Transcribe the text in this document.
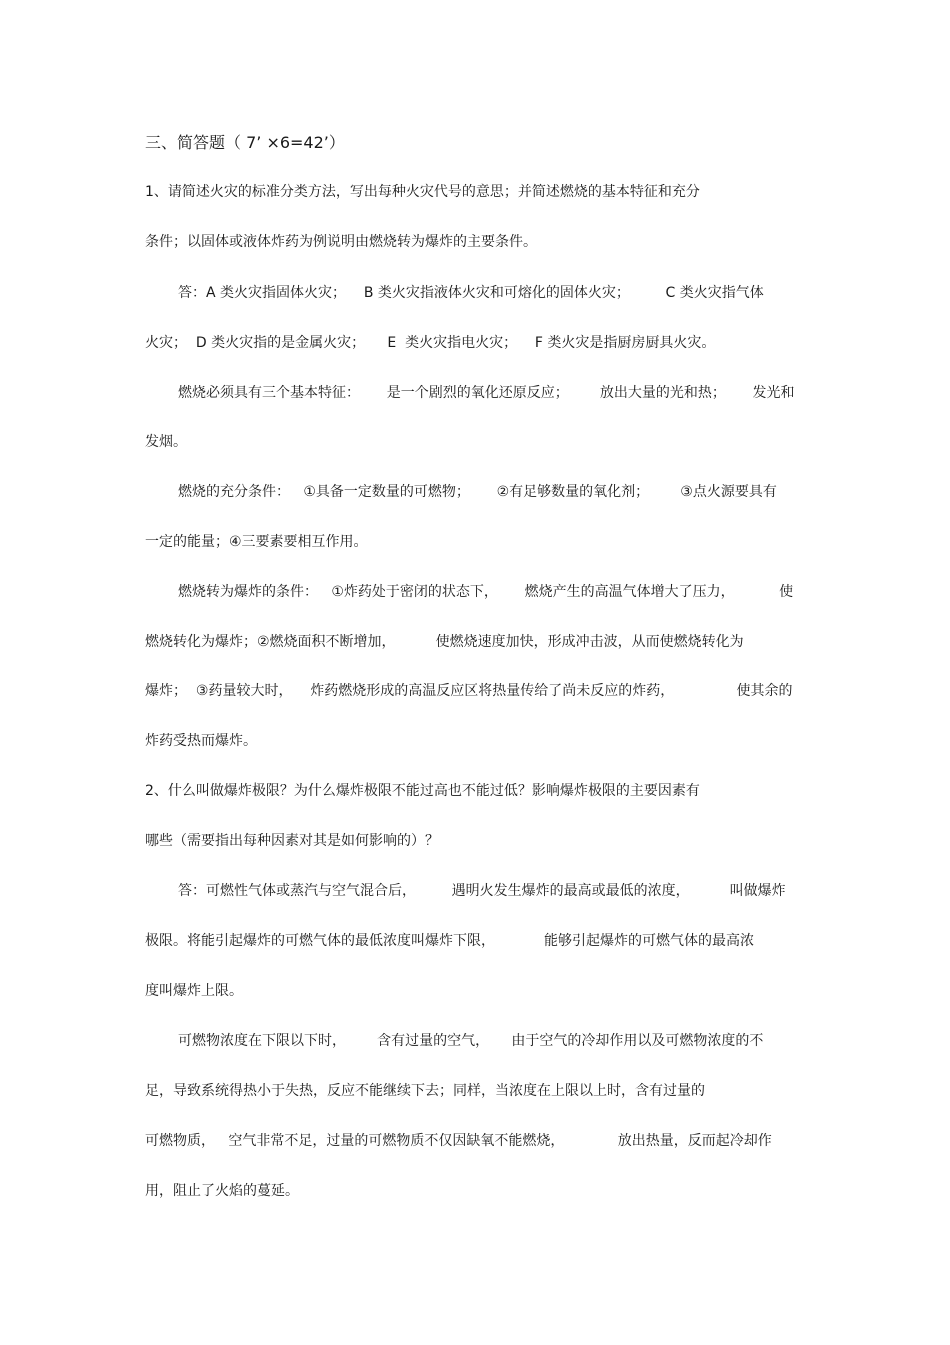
三、简答题（ 7’ ×6=42’）

1、请简述火灾的标准分类方法，写出每种火灾代号的意思；并简述燃烧的基本特征和充分

条件；以固体或液体炸药为例说明由燃烧转为爆炸的主要条件。

答：A 类火灾指固体火灾；    B 类火灾指液体火灾和可熔化的固体火灾；        C 类火灾指气体

火灾；  D 类火灾指的是金属火灾；     E  类火灾指电火灾；    F 类火灾是指厨房厨具火灾。

燃烧必须具有三个基本特征：      是一个剧烈的氧化还原反应；       放出大量的光和热；      发光和

发烟。

燃烧的充分条件：   ①具备一定数量的可燃物；      ②有足够数量的氧化剂；       ③点火源要具有

一定的能量；④三要素要相互作用。

燃烧转为爆炸的条件：   ①炸药处于密闭的状态下，      燃烧产生的高温气体增大了压力，          使

燃烧转化为爆炸；②燃烧面积不断增加，         使燃烧速度加快，形成冲击波，从而使燃烧转化为

爆炸；  ③药量较大时，    炸药燃烧形成的高温反应区将热量传给了尚未反应的炸药，              使其余的

炸药受热而爆炸。

2、什么叫做爆炸极限？为什么爆炸极限不能过高也不能过低？影响爆炸极限的主要因素有

哪些（需要指出每种因素对其是如何影响的）？

答：可燃性气体或蒸汽与空气混合后，        遇明火发生爆炸的最高或最低的浓度，         叫做爆炸

极限。将能引起爆炸的可燃气体的最低浓度叫爆炸下限，           能够引起爆炸的可燃气体的最高浓

度叫爆炸上限。

可燃物浓度在下限以下时，       含有过量的空气，     由于空气的冷却作用以及可燃物浓度的不

足，导致系统得热小于失热，反应不能继续下去；同样，当浓度在上限以上时，含有过量的

可燃物质，   空气非常不足，过量的可燃物质不仅因缺氧不能燃烧，            放出热量，反而起冷却作

用，阻止了火焰的蔓延。
